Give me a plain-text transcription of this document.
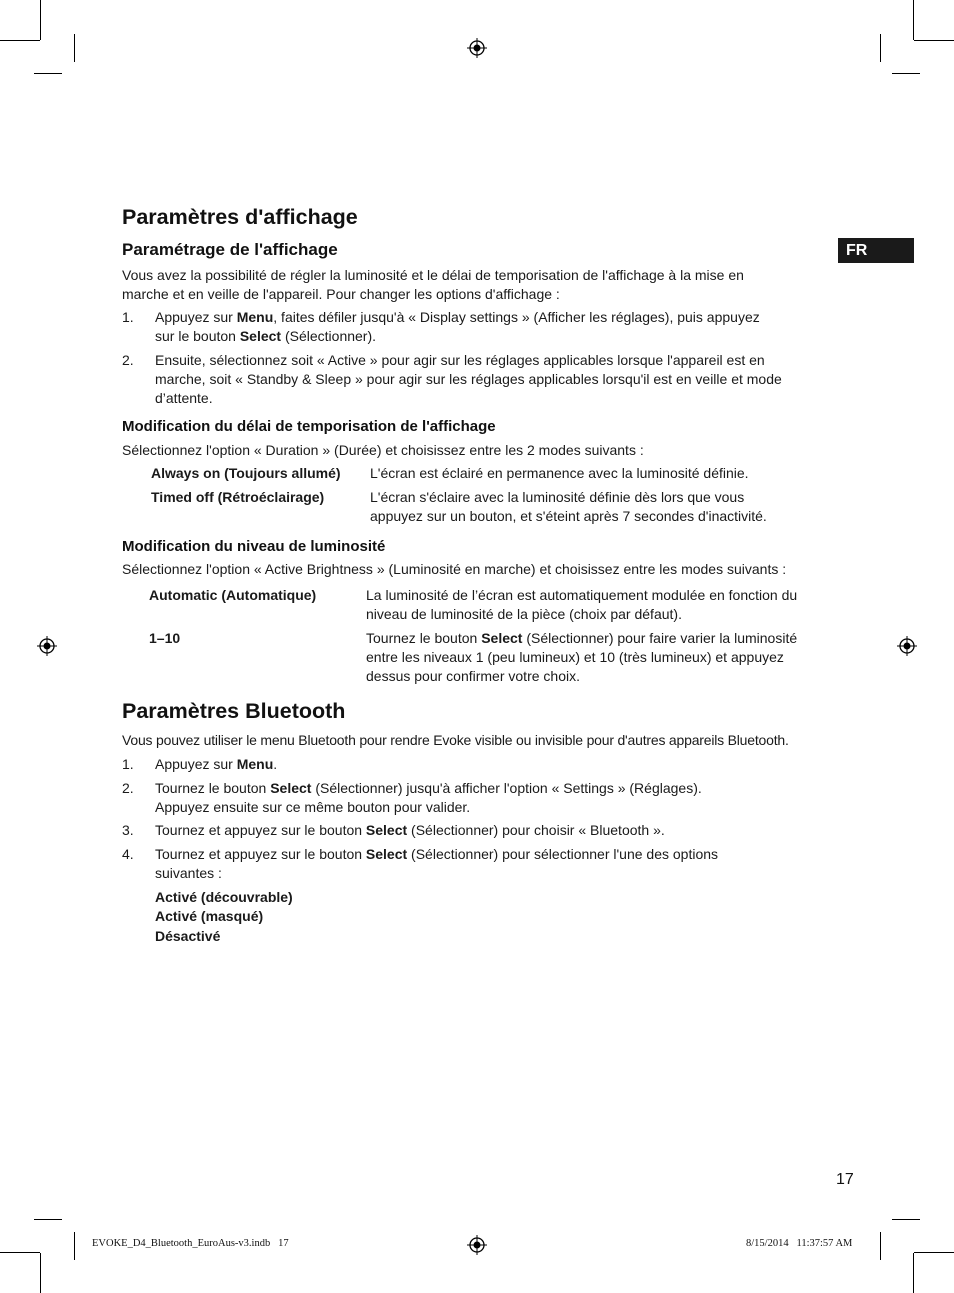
FR
Paramètres d'affichage
Paramétrage de l'affichage
Vous avez la possibilité de régler la luminosité et le délai de temporisation de l'affichage à la mise en
marche et en veille de l'appareil. Pour changer les options d'affichage :
1. Appuyez sur Menu, faites défiler jusqu'à « Display settings » (Afficher les réglages), puis appuyez
sur le bouton Select (Sélectionner).
2. Ensuite, sélectionnez soit « Active » pour agir sur les réglages applicables lorsque l'appareil est en
marche, soit « Standby & Sleep » pour agir sur les réglages applicables lorsqu'il est en veille et mode
d’attente.
Modification du délai de temporisation de l'affichage
Sélectionnez l'option « Duration » (Durée) et choisissez entre les 2 modes suivants :
Always on (Toujours allumé) L'écran est éclairé en permanence avec la luminosité définie.
Timed off (Rétroéclairage)	L'écran s'éclaire avec la luminosité définie dès lors que vous
appuyez sur un bouton, et s'éteint après 7 secondes d'inactivité.
Modification du niveau de luminosité
Sélectionnez l'option « Active Brightness » (Luminosité en marche) et choisissez entre les modes suivants :
Automatic (Automatique)	La luminosité de l’écran est automatiquement modulée en fonction du
niveau de luminosité de la pièce (choix par défaut).
1–10	Tournez le bouton Select (Sélectionner) pour faire varier la luminosité
entre les niveaux 1 (peu lumineux) et 10 (très lumineux) et appuyez
dessus pour confirmer votre choix.
Paramètres Bluetooth
Vous pouvez utiliser le menu Bluetooth pour rendre Evoke visible ou invisible pour d'autres appareils Bluetooth.
1. Appuyez sur Menu.
2. Tournez le bouton Select (Sélectionner) jusqu'à afficher l'option « Settings » (Réglages).
Appuyez ensuite sur ce même bouton pour valider.
3. Tournez et appuyez sur le bouton Select (Sélectionner) pour choisir « Bluetooth ».
4. Tournez et appuyez sur le bouton Select (Sélectionner) pour sélectionner l'une des options
suivantes :
Activé (découvrable)
Activé (masqué)
Désactivé
17
EVOKE_D4_Bluetooth_EuroAus-v3.indb   17	8/15/2014   11:37:57 AM
